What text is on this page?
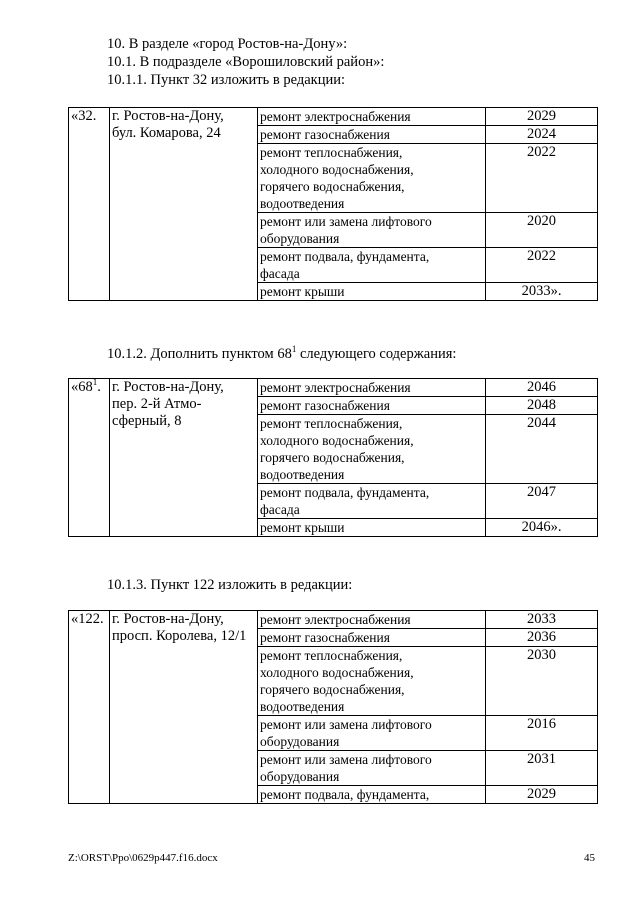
10. В разделе «город Ростов-на-Дону»:
10.1. В подразделе «Ворошиловский район»:
10.1.1. Пункт 32 изложить в редакции:
«32.	г. Ростов-на-Дону,
бул. Комарова, 24	ремонт электроснабжения	2029

		ремонт газоснабжения	2024

		ремонт теплоснабжения,
холодного водоснабжения,
горячего водоснабжения,
водоотведения	2022

		ремонт или замена лифтового
оборудования	2020

		ремонт подвала, фундамента,
фасада	2022

		ремонт крыши	2033».
10.1.2. Дополнить пунктом $68^1$ следующего содержания:
«$68^1$.	г. Ростов-на-Дону,
пер. 2-й Атмо-
сферный, 8	ремонт электроснабжения	2046

		ремонт газоснабжения	2048

		ремонт теплоснабжения,
холодного водоснабжения,
горячего водоснабжения,
водоотведения	2044

		ремонт подвала, фундамента,
фасада	2047

		ремонт крыши	2046».
10.1.3. Пункт 122 изложить в редакции:
«122.	г. Ростов-на-Дону,
просп. Королева, 12/1	ремонт электроснабжения	2033

		ремонт газоснабжения	2036

		ремонт теплоснабжения,
холодного водоснабжения,
горячего водоснабжения,
водоотведения	2030

		ремонт или замена лифтового
оборудования	2016

		ремонт или замена лифтового
оборудования	2031

		ремонт подвала, фундамента,	2029
Z:\ORST\Ppo\0629p447.f16.docx	45
